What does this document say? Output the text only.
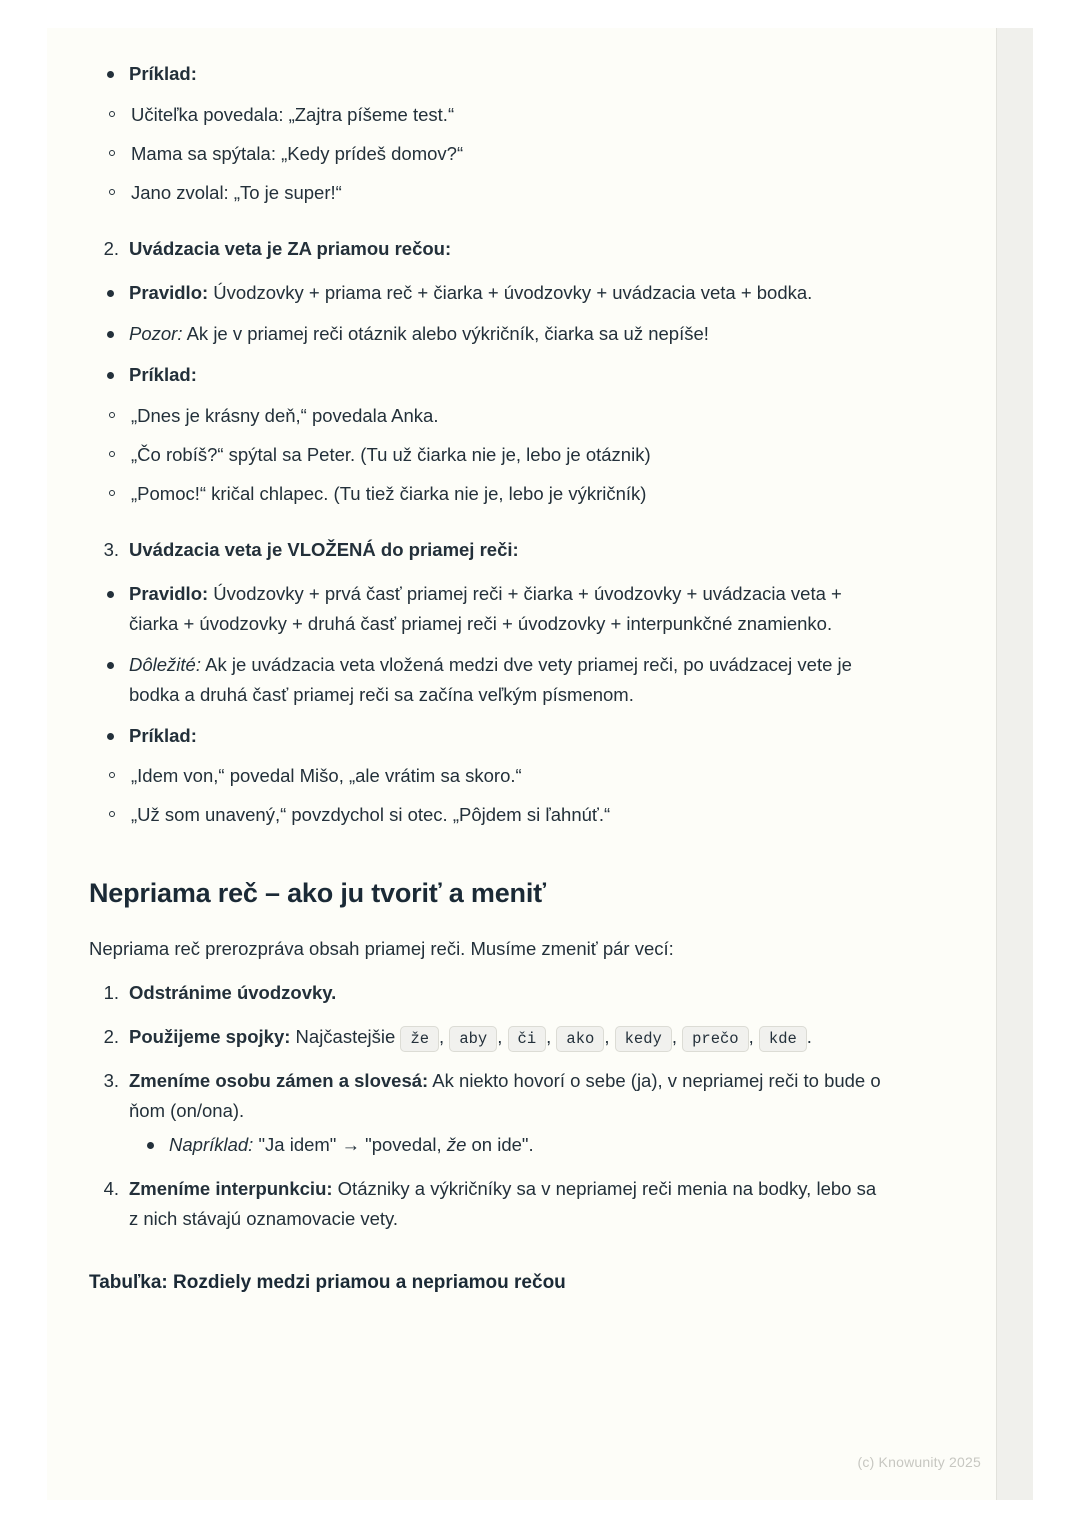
Príklad:
Učiteľka povedala: „Zajtra píšeme test.“
Mama sa spýtala: „Kedy prídeš domov?“
Jano zvolal: „To je super!“
2. Uvádzacia veta je ZA priamou rečou:
Pravidlo: Úvodzovky + priama reč + čiarka + úvodzovky + uvádzacia veta + bodka.
Pozor: Ak je v priamej reči otáznik alebo výkričník, čiarka sa už nepíše!
Príklad:
„Dnes je krásny deň,“ povedala Anka.
„Čo robíš?“ spýtal sa Peter. (Tu už čiarka nie je, lebo je otáznik)
„Pomoc!“ kričal chlapec. (Tu tiež čiarka nie je, lebo je výkričník)
3. Uvádzacia veta je VLOŽENÁ do priamej reči:
Pravidlo: Úvodzovky + prvá časť priamej reči + čiarka + úvodzovky + uvádzacia veta + čiarka + úvodzovky + druhá časť priamej reči + úvodzovky + interpunkčné znamienko.
Dôležité: Ak je uvádzacia veta vložená medzi dve vety priamej reči, po uvádzacej vete je bodka a druhá časť priamej reči sa začína veľkým písmenom.
Príklad:
„Idem von,“ povedal Mišo, „ale vrátim sa skoro.“
„Už som unavený,“ povzdychol si otec. „Pôjdem si ľahnúť.“
Nepriama reč – ako ju tvoriť a meniť

Nepriama reč prerozpráva obsah priamej reči. Musíme zmeniť pár vecí:

1. Odstránime úvodzovky.
2. Použijeme spojky: Najčastejšie že , aby , či , ako , kedy , prečo , kde .
3. Zmeníme osobu zámen a slovesá: Ak niekto hovorí o sebe (ja), v nepriamej reči to bude o ňom (on/ona).
Napríklad: "Ja idem" → "povedal, že on ide".
4. Zmeníme interpunkciu: Otázniky a výkričníky sa v nepriamej reči menia na bodky, lebo sa z nich stávajú oznamovacie vety.
Tabuľka: Rozdiely medzi priamou a nepriamou rečou
(c) Knowunity 2025
